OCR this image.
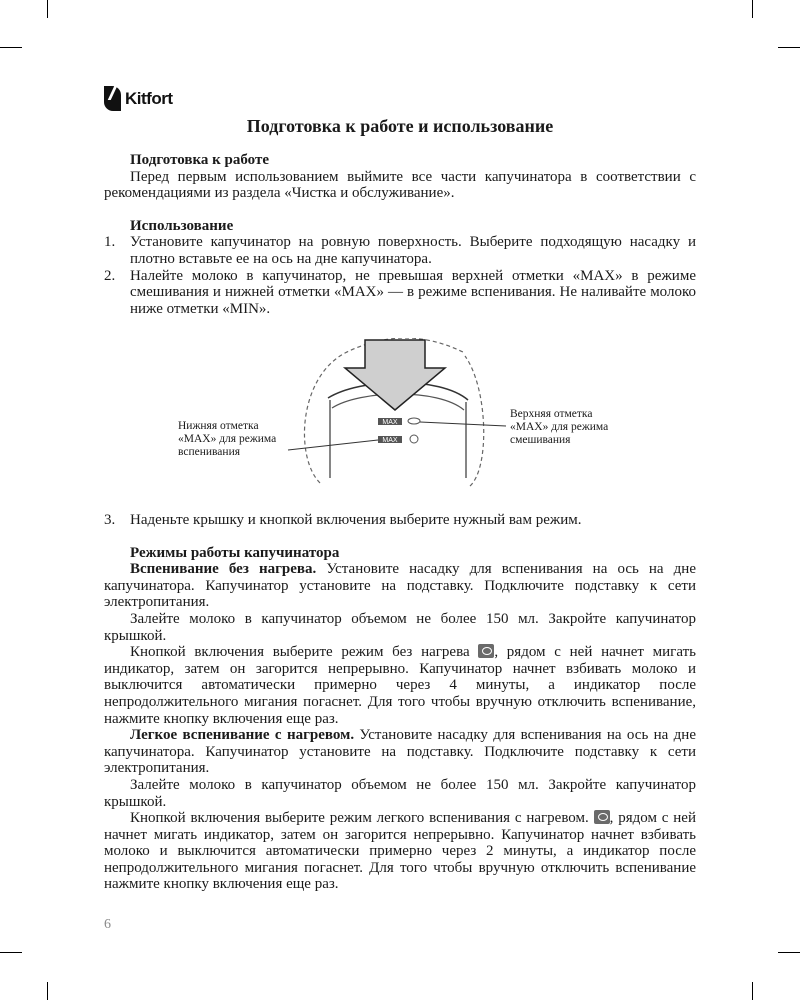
Kitfort
Подготовка к работе и использование

Подготовка к работе

Перед первым использованием выймите все части капучинатора в соответствии с рекомендациями из раздела «Чистка и обслуживание».

Использование

1. Установите капучинатор на ровную поверхность. Выберите подходящую насадку и плотно вставьте ее на ось на дне капучинатора.

2. Налейте молоко в капучинатор, не превышая верхней отметки «MAX» в режиме смешивания и нижней отметки «MAX» — в режиме вспенивания. Не наливайте молоко ниже отметки «MIN».

MAX
MAX
Нижняя отметка
«MAX» для режима
вспенивания
Верхняя отметка
«MAX» для режима
смешивания
3. Наденьте крышку и кнопкой включения выберите нужный вам режим.

Режимы работы капучинатора

Вспенивание без нагрева. Установите насадку для вспенивания на ось на дне капучинатора. Капучинатор установите на подставку. Подключите подставку к сети электропитания.

Залейте молоко в капучинатор объемом не более 150 мл. Закройте капучинатор крышкой.

Кнопкой включения выберите режим без нагрева , рядом с ней начнет мигать индикатор, затем он загорится непрерывно. Капучинатор начнет взбивать молоко и выключится автоматически примерно через 4 минуты, а индикатор после непродолжительного мигания погаснет. Для того чтобы вручную отключить вспенивание, нажмите кнопку включения еще раз.

Легкое вспенивание с нагревом. Установите насадку для вспенивания на ось на дне капучинатора. Капучинатор установите на подставку. Подключите подставку к сети электропитания.

Залейте молоко в капучинатор объемом не более 150 мл. Закройте капучинатор крышкой.

Кнопкой включения выберите режим легкого вспенивания с нагревом. , рядом с ней начнет мигать индикатор, затем он загорится непрерывно. Капучинатор начнет взбивать молоко и выключится автоматически примерно через 2 минуты, а индикатор после непродолжительного мигания погаснет. Для того чтобы вручную отключить вспенивание нажмите кнопку включения еще раз.

6
